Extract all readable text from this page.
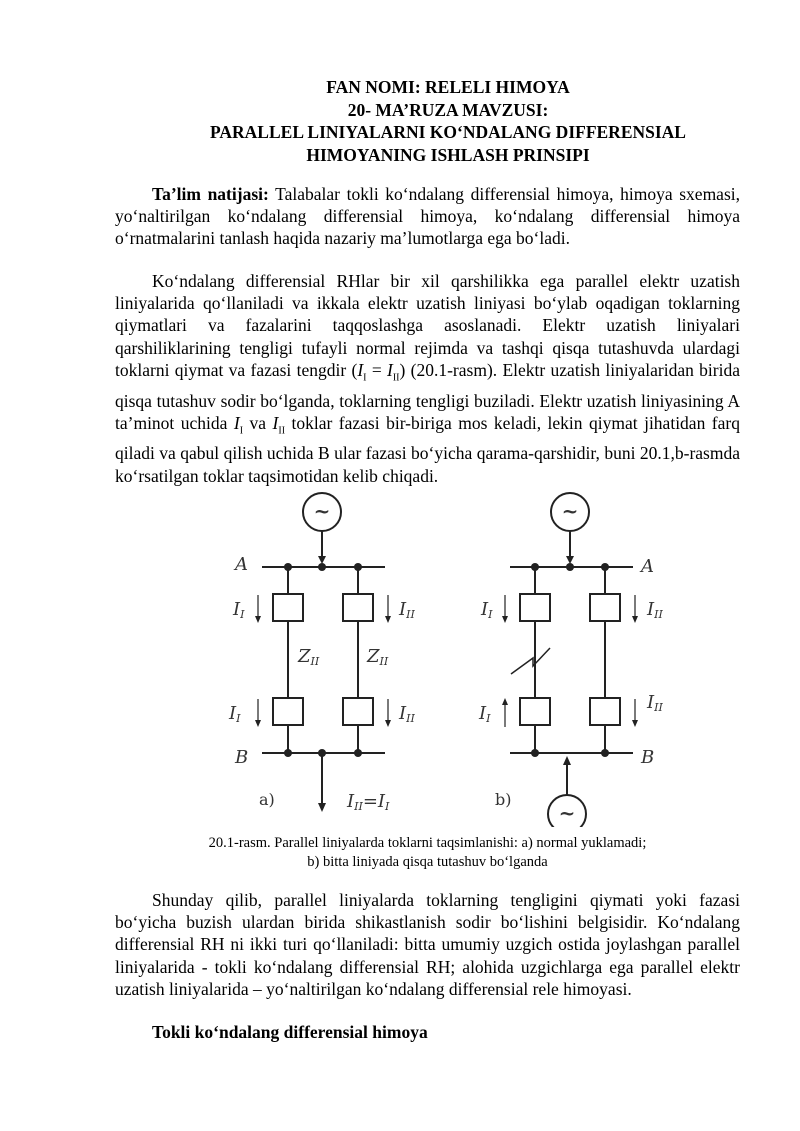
FAN NOMI: RELELI HIMOYA
20- MA’RUZA MAVZUSI:
PARALLEL LINIYALARNI KO‘NDALANG DIFFERENSIAL
HIMOYANING ISHLASH PRINSIPI

Ta’lim natijasi: Talabalar tokli ko‘ndalang differensial himoya, himoya sxemasi, yo‘naltirilgan ko‘ndalang differensial himoya, ko‘ndalang differensial himoya o‘rnatmalarini tanlash haqida nazariy ma’lumotlarga ega bo‘ladi.

Ko‘ndalang differensial RHlar bir xil qarshilikka ega parallel elektr uzatish liniyalarida qo‘llaniladi va ikkala elektr uzatish liniyasi bo‘ylab oqadigan toklarning qiymatlari va fazalarini taqqoslashga asoslanadi. Elektr uzatish liniyalari qarshiliklarining tengligi tufayli normal rejimda va tashqi qisqa tutashuvda ulardagi toklarni qiymat va fazasi tengdir $(I_I = I_{II})$ (20.1-rasm). Elektr uzatish liniyalaridan birida qisqa tutashuv sodir bo‘lganda, toklarning tengligi buziladi. Elektr uzatish liniyasining A ta’minot uchida $I_I$ va $I_{II}$ toklar fazasi bir-biriga mos keladi, lekin qiymat jihatidan farq qiladi va qabul qilish uchida B ular fazasi bo‘yicha qarama-qarshidir, buni 20.1,b-rasmda ko‘rsatilgan toklar taqsimotidan kelib chiqadi.

~
A
B
II	III
ZII	ZII
II	III
a)	III=II
~
~
A
B
II	III
II
III
b)
20.1-rasm. Parallel liniyalarda toklarni taqsimlanishi: a) normal yuklamadi;
b) bitta liniyada qisqa tutashuv bo‘lganda

Shunday qilib, parallel liniyalarda toklarning tengligini qiymati yoki fazasi bo‘yicha buzish ulardan birida shikastlanish sodir bo‘lishini belgisidir. Ko‘ndalang differensial RH ni ikki turi qo‘llaniladi: bitta umumiy uzgich ostida joylashgan parallel liniyalarida - tokli ko‘ndalang differensial RH; alohida uzgichlarga ega parallel elektr uzatish liniyalarida – yo‘naltirilgan ko‘ndalang differensial rele himoyasi.

Tokli ko‘ndalang differensial himoya
